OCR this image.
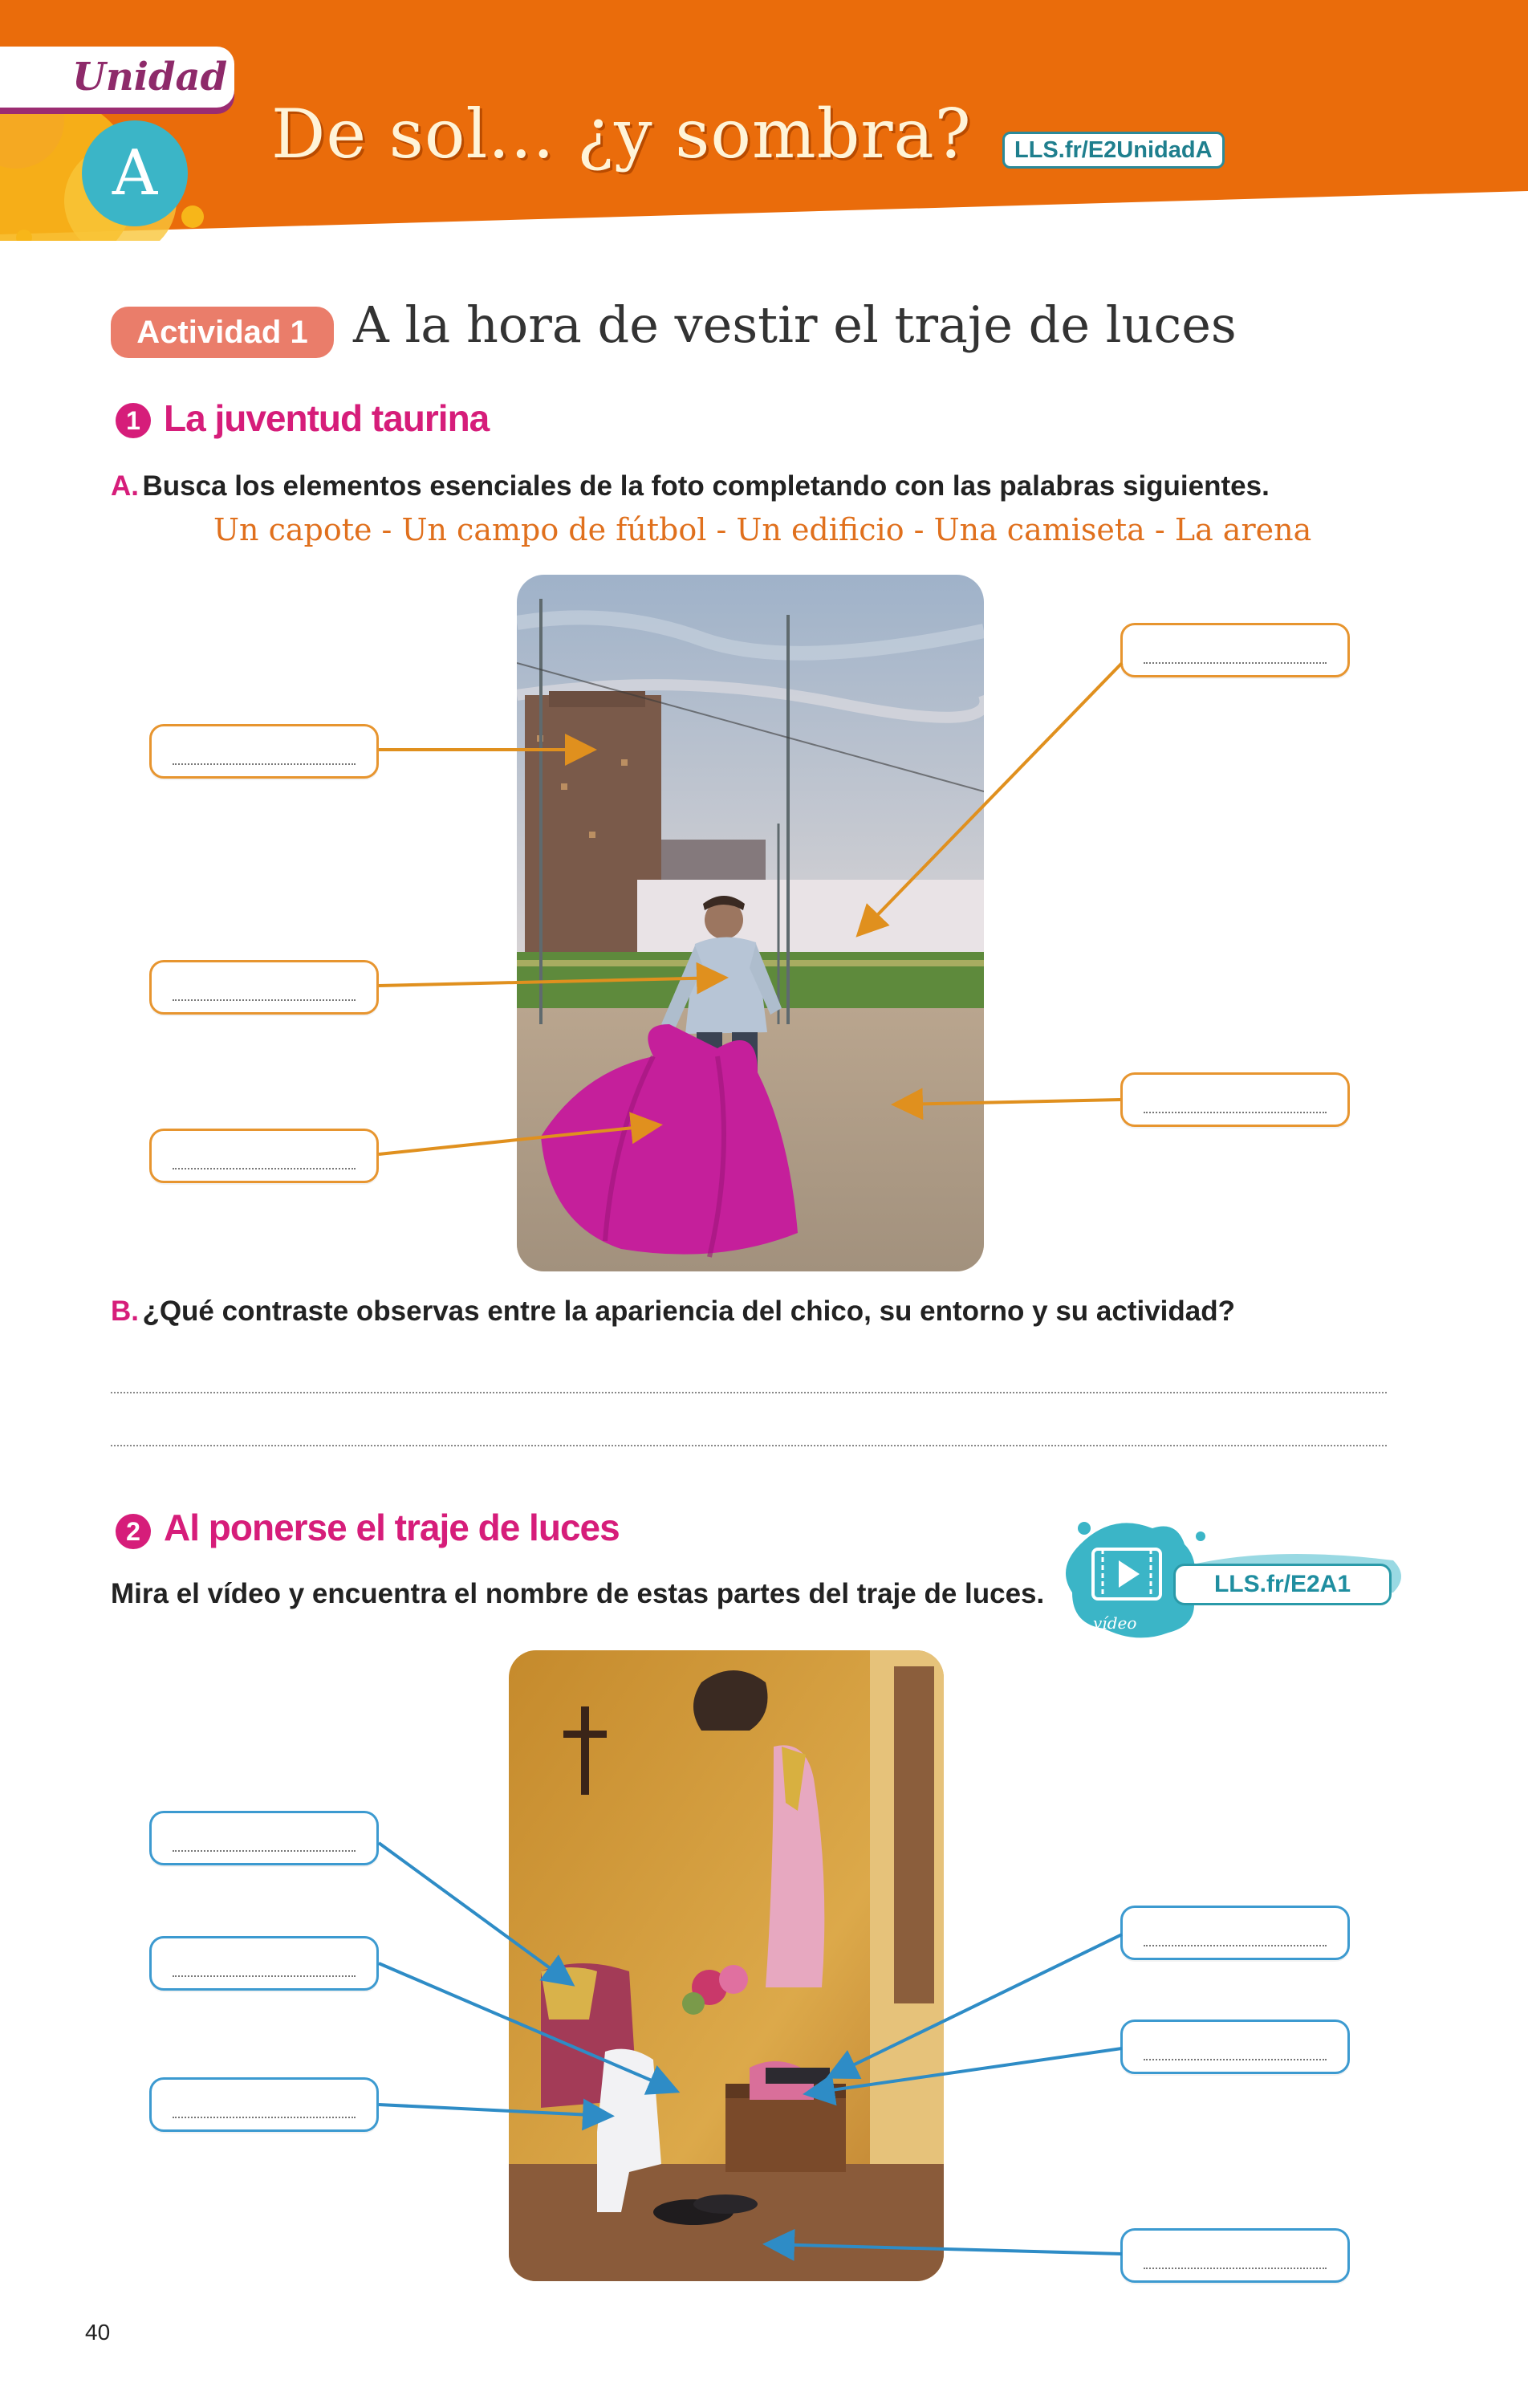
Unidad
A	De sol... ¿y sombra?	LLS.fr/E2UnidadA
Actividad 1 A la hora de vestir el traje de luces
1 La juventud taurina
A. Busca los elementos esenciales de la foto completando con las palabras siguientes.
Un capote - Un campo de fútbol - Un edificio - Una camiseta - La arena
B. ¿Qué contraste observas entre la apariencia del chico, su entorno y su actividad?
2 Al ponerse el traje de luces
Mira el vídeo y encuentra el nombre de estas partes del traje de luces.
vídeo
LLS.fr/E2A1
40
